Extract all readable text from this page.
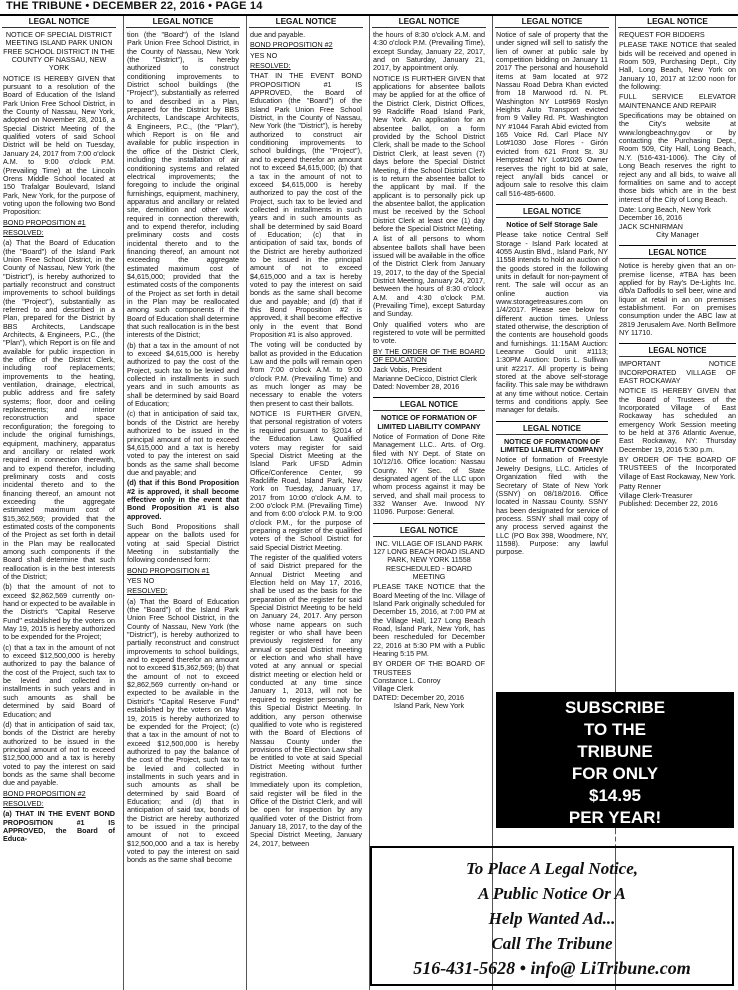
THE TRIBUNE • DECEMBER 22, 2016 • PAGE 14
LEGAL NOTICE

NOTICE OF SPECIAL DISTRICT MEETING ISLAND PARK UNION FREE SCHOOL DISTRICT IN THE COUNTY OF NASSAU, NEW YORK

NOTICE IS HEREBY GIVEN that pursuant to a resolution of the Board of Education of the Island Park Union Free School District, in the County of Nassau, New York, adopted on November 28, 2016, a Special District Meeting of the qualified voters of said School District will be held on Tuesday, January 24, 2017 from 7:00 o'clock A.M. to 9:00 o'clock P.M. (Prevailing Time) at the Lincoln Orens Middle School located at 150 Trafalgar Boulevard, Island Park, New York, for the purpose of voting upon the following two Bond Proposition:

BOND PROPOSITION #1

RESOLVED:

(a) That the Board of Education (the "Board") of the Island Park Union Free School District, in the County of Nassau, New York (the "District"), is hereby authorized to partially reconstruct and construct improvements to school buildings (the "Project"), substantially as referred to and described in a Plan, prepared for the District by BBS Architects, Landscape Architects, & Engineers, P.C., (the "Plan"), which Report is on file and available for public inspection in the office of the District Clerk, including roof replacements; improvements to the heating, ventilation, drainage, electrical, public address and fire safety systems; floor, door and ceiling replacements; and interior reconstruction and space reconfiguration; the foregoing to include the original furnishings, equipment, machinery, apparatus and ancillary or related work required in connection therewith, and to expend therefor, including preliminary costs and costs incidental thereto and to the financing thereof, an amount not exceeding the aggregate estimated maximum cost of $15,362,569; provided that the estimated costs of the components of the Project as set forth in detail in the Plan may be reallocated among such components if the Board shall determine that such reallocation is in the best interests of the District;

(b) that the amount of not to exceed $2,862,569 currently on-hand or expected to be available in the District's "Capital Reserve Fund" established by the voters on May 19, 2015 is hereby authorized to be expended for the Project;

(c) that a tax in the amount of not to exceed $12,500,000 is hereby authorized to pay the balance of the cost of the Project, such tax to be levied and collected in installments in such years and in such amounts as shall be determined by said Board of Education; and

(d) that in anticipation of said tax, bonds of the District are hereby authorized to be issued in the principal amount of not to exceed $12,500,000 and a tax is hereby voted to pay the interest on said bonds as the same shall become due and payable.

BOND PROPOSITION #2

RESOLVED:

(a) THAT IN THE EVENT BOND PROPOSITION #1 IS APPROVED, the Board of Educa-

LEGAL NOTICE

tion (the "Board") of the Island Park Union Free School District, in the County of Nassau, New York (the "District"), is hereby authorized to construct conditioning improvements to District school buildings (the "Project"), substantially as referred to and described in a Plan, prepared for the District by BBS Architects, Landscape Architects, & Engineers, P.C., (the "Plan"), which Report is on file and available for public inspection in the office of the District Clerk, including the installation of air conditioning systems and related electrical improvements; the foregoing to include the original furnishings, equipment, machinery, apparatus and ancillary or related site, demolition and other work required in connection therewith, and to expend therefor, including preliminary costs and costs incidental thereto and to the financing thereof, an amount not exceeding the aggregate estimated maximum cost of $4,615,000; provided that the estimated costs of the components of the Project as set forth in detail in the Plan may be reallocated among such components if the Board of Education shall determine that such reallocation is in the best interests of the District;

(b) that a tax in the amount of not to exceed $4,615,000 is hereby authorized to pay the cost of the Project, such tax to be levied and collected in installments in such years and in such amounts as shall be determined by said Board of Education;

(c) that in anticipation of said tax, bonds of the District are hereby authorized to be issued in the principal amount of not to exceed $4,615,000 and a tax is hereby voted to pay the interest on said bonds as the same shall become due and payable; and

(d) that if this Bond Proposition #2 is approved, it shall become effective only in the event that Bond Proposition #1 is also approved.

Such Bond Propositions shall appear on the ballots used for voting at said Special District Meeting in substantially the following condensed form:

BOND PROPOSITION #1

YES NO

RESOLVED:

(a) That the Board of Education (the "Board") of the Island Park Union Free School District, in the County of Nassau, New York (the "District"), is hereby authorized to partially reconstruct and construct improvements to school buildings, and to expend therefor an amount not to exceed $15,362,569; (b) that the amount of not to exceed $2,862,569 currently on-hand or expected to be available in the District's "Capital Reserve Fund" established by the voters on May 19, 2015 is hereby authorized to be expended for the Project; (c) that a tax in the amount of not to exceed $12,500,000 is hereby authorized to pay the balance of the cost of the Project, such tax to be levied and collected in installments in such years and in such amounts as shall be determined by said Board of Education; and (d) that in anticipation of said tax, bonds of the District are hereby authorized to be issued in the principal amount of not to exceed $12,500,000 and a tax is hereby voted to pay the interest on said bonds as the same shall become

LEGAL NOTICE

due and payable.

BOND PROPOSITION #2

YES NO

RESOLVED:

THAT IN THE EVENT BOND PROPOSITION #1 IS APPROVED, the Board of Education (the "Board") of the Island Park Union Free School District, in the County of Nassau, New York (the "District"), is hereby authorized to construct air conditioning improvements to school buildings, (the "Project"), and to expend therefor an amount not to exceed $4,615,000; (b) that a tax in the amount of not to exceed $4,615,000 is hereby authorized to pay the cost of the Project, such tax to be levied and collected in installments in such years and in such amounts as shall be determined by said Board of Education; (c) that in anticipation of said tax, bonds of the District are hereby authorized to be issued in the principal amount of not to exceed $4,615,000 and a tax is hereby voted to pay the interest on said bonds as the same shall become due and payable; and (d) that if this Bond Proposition #2 is approved, it shall become effective only in the event that Bond Proposition #1 is also approved.

The voting will be conducted by ballot as provided in the Education Law and the polls will remain open from 7:00 o'clock A.M. to 9:00 o'clock P.M. (Prevailing Time) and as much longer as may be necessary to enable the voters then present to cast their ballots.

NOTICE IS FURTHER GIVEN, that personal registration of voters is required pursuant to §2014 of the Education Law. Qualified voters may register for said Special District Meeting at the Island Park UFSD Admin Office/Conference Center, 99 Radcliffe Road, Island Park, New York on Tuesday, January 17, 2017 from 10:00 o'clock A.M. to 2:00 o'clock P.M. (Prevailing Time) and from 6:00 o'clock P.M. to 9:00 o'clock P.M., for the purpose of preparing a register of the qualified voters of the School District for said Special District Meeting.

The register of the qualified voters of said District prepared for the Annual District Meeting and Election held on May 17, 2016, shall be used as the basis for the preparation of the register for said Special District Meeting to be held on January 24, 2017. Any person whose name appears on such register or who shall have been previously registered for any annual or special District meeting or election and who shall have voted at any annual or special district meeting or election held or conducted at any time since January 1, 2013, will not be required to register personally for this Special District Meeting. In addition, any person otherwise qualified to vote who is registered with the Board of Elections of Nassau County under the provisions of the Election Law shall be entitled to vote at said Special District Meeting without further registration.

Immediately upon its completion, said register will be filed in the Office of the District Clerk, and will be open for inspection by any qualified voter of the District from January 18, 2017, to the day of the Special District Meeting, January 24, 2017, between

LEGAL NOTICE

the hours of 8:30 o'clock A.M. and 4:30 o'clock P.M. (Prevailing Time), except Sunday, January 22, 2017, and on Saturday, January 21, 2017, by appointment only.

NOTICE IS FURTHER GIVEN that applications for absentee ballots may be applied for at the office of the District Clerk, District Offices, 99 Radcliffe Road Island Park, New York. An application for an absentee ballot, on a form provided by the School District Clerk, shall be made to the School District Clerk, at least seven (7) days before the Special District Meeting, if the School District Clerk is to return the absentee ballot to the applicant by mail. If the applicant is to personally pick up the absentee ballot, the application must be received by the School District Clerk at least one (1) day before the Special District Meeting.

A list of all persons to whom absentee ballots shall have been issued will be available in the office of the District Clerk from January 19, 2017, to the day of the Special District Meeting, January 24, 2017, between the hours of 8:30 o'clock A.M. and 4:30 o'clock P.M. (Prevailing Time), except Saturday and Sunday.

Only qualified voters who are registered to vote will be permitted to vote.

BY THE ORDER OF THE BOARD OF EDUCATION

Jack Vobis, President

Marianne DeCicco, District Clerk

Dated: November 28, 2016

LEGAL NOTICE

NOTICE OF FORMATION OF LIMITED LIABILITY COMPANY

Notice of Formation of Done Rite Management LLC.. Arts. of Org. filed with NY Dept. of State on 10/12/16. Office location: Nassau County. NY Sec. of State designated agent of the LLC upon whom process against it may be served, and shall mail process to 332 Wanser Ave. Inwood NY 11096. Purpose: General.

LEGAL NOTICE

INC. VILLAGE OF ISLAND PARK 127 LONG BEACH ROAD ISLAND PARK, NEW YORK 11558 RESCHEDULED - BOARD MEETING

PLEASE TAKE NOTICE that the Board Meeting of the Inc. Village of Island Park originally scheduled for December 15, 2016, at 7:00 PM at the Village Hall, 127 Long Beach Road, Island Park, New York, has been rescheduled for December 22, 2016 at 5:30 PM with a Public Hearing 5:15 PM.

BY ORDER OF THE BOARD OF TRUSTEES

Constance L. Conroy

Village Clerk

DATED: December 20, 2016

Island Park, New York

LEGAL NOTICE

Notice of sale of property that the under signed will sell to satisfy the lien of owner at public sale by competition bidding on January 11 2017 The personal and household items at 9am located at 972 Nassau Road Debra Khan evicted from 18 Marwood rd. N. Pt. Washington NY Lot#969 Roslyn Heights Auto Transport evicted from 9 Valley Rd. Pt. Washington NY #1044 Farah Abid evicted from 165 Voice Rd. Carl Place NY Lot#1030 Jose Flores - Girón evicted from 621 Front St. 3U Hempstead NY Lot#1026 Owner reserves the right to bid at sale, reject any/all bids cancel or adjourn sale to resolve this claim call 516-485-6600.

LEGAL NOTICE

Notice of Self Storage Sale

Please take notice Central Self Storage - Island Park located at 4055 Austin Blvd., Island Park, NY 11558 intends to hold an auction of the goods stored in the following units in default for non-payment of rent. The sale will occur as an online auction via www.storagetreasures.com on 1/4/2017. Please see below for different auction times. Unless stated otherwise, the description of the contents are household goods and furnishings. 11:15AM Auction: Leeanne Gould unit #1113; 1:30PM Auction: Doris L. Sullivan unit #2217. All property is being stored at the above self-storage facility. This sale may be withdrawn at any time without notice. Certain terms and conditions apply. See manager for details.

LEGAL NOTICE

NOTICE OF FORMATION OF LIMITED LIABILITY COMPANY

Notice of formation of Freestyle Jewelry Designs, LLC. Articles of Organization filed with the Secretary of State of New York (SSNY) on 08/18/2016. Office located in Nassau County. SSNY has been designated for service of process. SSNY shall mail copy of any process served against the LLC (PO Box 398, Woodmere, NY, 11598). Purpose: any lawful purpose.

LEGAL NOTICE

REQUEST FOR BIDDERS

PLEASE TAKE NOTICE that sealed bids will be received and opened in Room 509, Purchasing Dept., City Hall, Long Beach, New York on January 10, 2017 at 12:00 noon for the following:

FULL SERVICE ELEVATOR MAINTENANCE AND REPAIR

Specifications may be obtained on the City's website at www.longbeachny.gov or by contacting the Purchasing Dept., Room 509, City Hall, Long Beach, N.Y. (516-431-1006). The City of Long Beach reserves the right to reject any and all bids, to waive all formalities on same and to accept those bids which are in the best interest of the City of Long Beach.

Date: Long Beach, New York

December 16, 2016

JACK SCHNIRMAN

City Manager

LEGAL NOTICE

Notice is hereby given that an on-premise license, #TBA has been applied for by Ray's De-Lights Inc. d/b/a Daffodils to sell beer, wine and liquor at retail in an on premises establishment. For on premises consumption under the ABC law at 2819 Jerusalem Ave. North Bellmore NY 11710.

LEGAL NOTICE

IMPORTANT NOTICE INCORPORATED VILLAGE OF EAST ROCKAWAY

NOTICE IS HEREBY GIVEN that the Board of Trustees of the Incorporated Village of East Rockaway has scheduled an emergency Work Session meeting to be held at 376 Atlantic Avenue, East Rockaway, NY: Thursday December 19, 2016 5:30 p.m.

BY ORDER OF THE BOARD OF TRUSTEES of the Incorporated Village of East Rockaway, New York.

Patty Renner

Village Clerk-Treasurer

Published: December 22, 2016

SUBSCRIBE
TO THE
TRIBUNE
FOR ONLY
$14.95
PER YEAR!
CALL 431-5628
To Place A Legal Notice,
A Public Notice Or A
Help Wanted Ad...
Call The Tribune
516-431-5628 • info@ LiTribune.com
